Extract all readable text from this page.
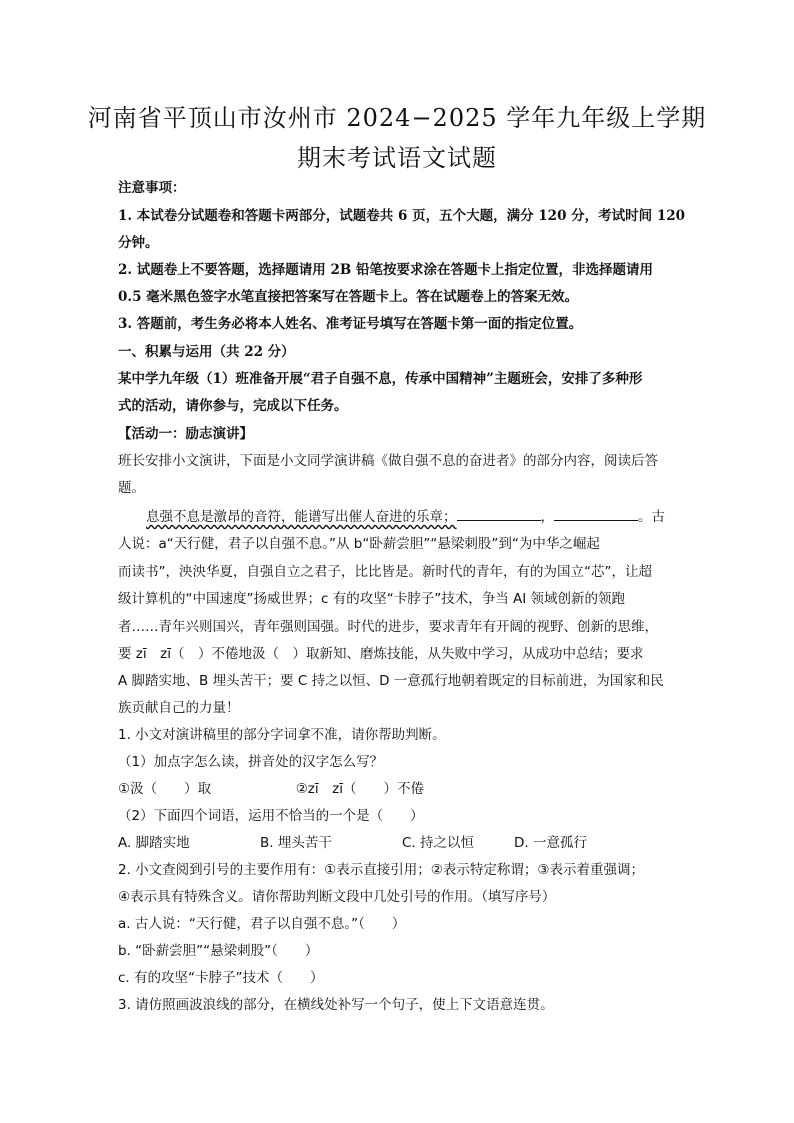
河南省平顶山市汝州市 2024−2025 学年九年级上学期
期末考试语文试题
注意事项：
1. 本试卷分试题卷和答题卡两部分，试题卷共 6 页，五个大题，满分 120 分，考试时间 120
分钟。
2. 试题卷上不要答题，选择题请用 2B 铅笔按要求涂在答题卡上指定位置，非选择题请用
0.5 毫米黑色签字水笔直接把答案写在答题卡上。答在试题卷上的答案无效。
3. 答题前，考生务必将本人姓名、准考证号填写在答题卡第一面的指定位置。
一、积累与运用（共 22 分）
某中学九年级（1）班准备开展“君子自强不息，传承中国精神”主题班会，安排了多种形
式的活动，请你参与，完成以下任务。
【活动一：励志演讲】
班长安排小文演讲，下面是小文同学演讲稿《做自强不息的奋进者》的部分内容，阅读后答
题。
息强不息是激昂的音符，能谱写出催人奋进的乐章；	，	。古
人说：a“天行健，君子以自强不息。”从 b“卧薪尝胆”“悬梁刺股”到“为中华之崛起
而读书”，泱泱华夏，自强自立之君子，比比皆是。新时代的青年，有的为国立“芯”，让超
级计算机的“中国速度”扬威世界；c 有的攻坚“卡脖子”技术，争当 AI 领域创新的领跑
者……青年兴则国兴，青年强则国强。时代的进步，要求青年有开阔的视野、创新的思维，
要 zī　zī（　）不倦地汲（　）取新知、磨炼技能，从失败中学习，从成功中总结；要求
A 脚踏实地、B 埋头苦干；要 C 持之以恒、D 一意孤行地朝着既定的目标前进，为国家和民
族贡献自己的力量！
1. 小文对演讲稿里的部分字词拿不准，请你帮助判断。
（1）加点字怎么读，拼音处的汉字怎么写？
①汲（　　）取	②zī　zī（　　）不倦
（2）下面四个词语，运用不恰当的一个是（　　）
A. 脚踏实地	B. 埋头苦干	C. 持之以恒	D. 一意孤行
2. 小文查阅到引号的主要作用有：①表示直接引用；②表示特定称谓；③表示着重强调；
④表示具有特殊含义。请你帮助判断文段中几处引号的作用。（填写序号）
a. 古人说：“天行健，君子以自强不息。”（　　）
b. “卧薪尝胆”“悬梁刺股”（　　）
c. 有的攻坚“卡脖子”技术（　　）
3. 请仿照画波浪线的部分，在横线处补写一个句子，使上下文语意连贯。
